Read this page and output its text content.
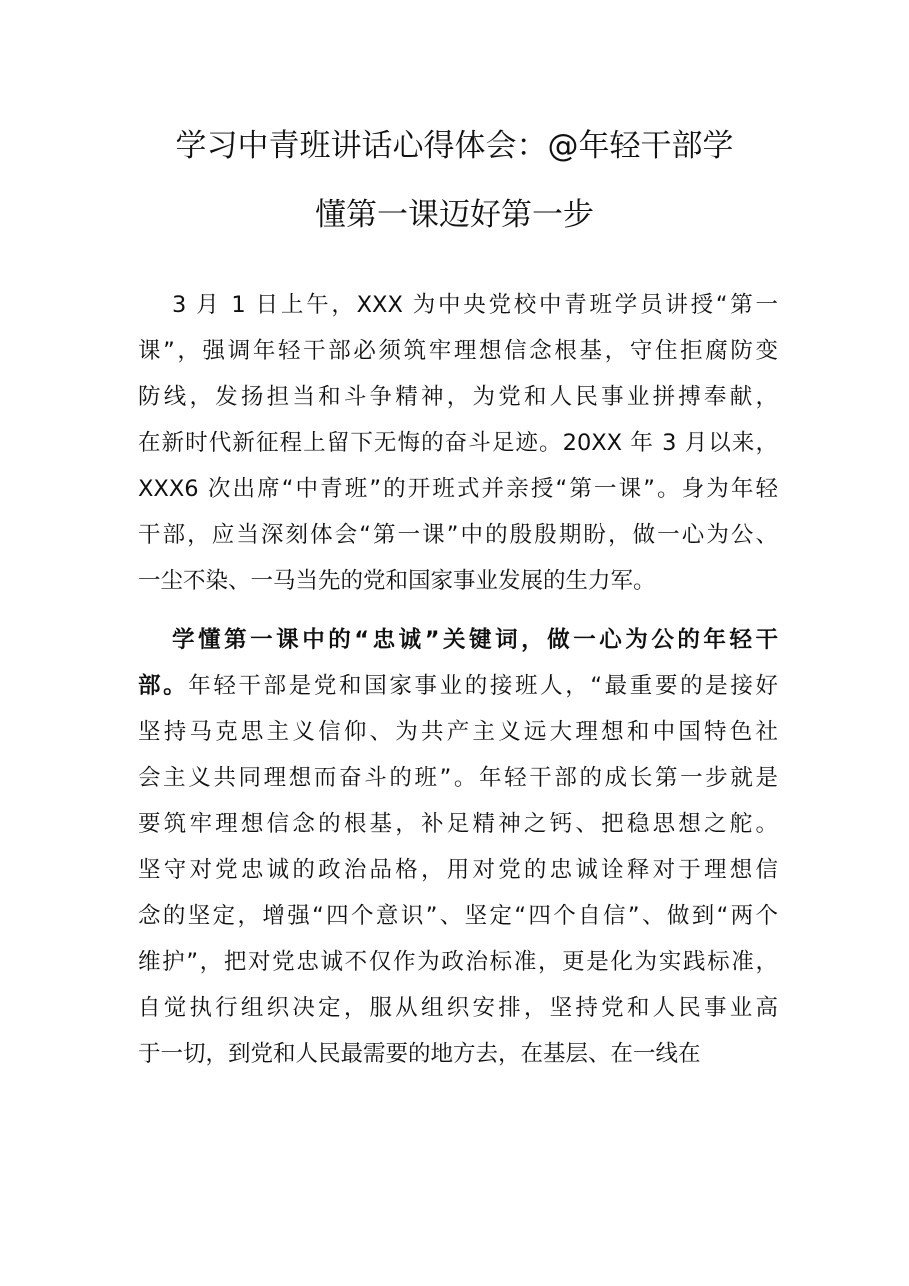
学习中青班讲话心得体会：@年轻干部学
懂第一课迈好第一步
3 月 1 日上午，XXX 为中央党校中青班学员讲授“第一
课”，强调年轻干部必须筑牢理想信念根基，守住拒腐防变
防线，发扬担当和斗争精神，为党和人民事业拼搏奉献，
在新时代新征程上留下无悔的奋斗足迹。20XX 年 3 月以来，
XXX6 次出席“中青班”的开班式并亲授“第一课”。身为年轻
干部，应当深刻体会“第一课”中的殷殷期盼，做一心为公、
一尘不染、一马当先的党和国家事业发展的生力军。
学懂第一课中的“忠诚”关键词，做一心为公的年轻干
部。年轻干部是党和国家事业的接班人，“最重要的是接好
坚持马克思主义信仰、为共产主义远大理想和中国特色社
会主义共同理想而奋斗的班”。年轻干部的成长第一步就是
要筑牢理想信念的根基，补足精神之钙、把稳思想之舵。
坚守对党忠诚的政治品格，用对党的忠诚诠释对于理想信
念的坚定，增强“四个意识”、坚定“四个自信”、做到“两个
维护”，把对党忠诚不仅作为政治标准，更是化为实践标准，
自觉执行组织决定，服从组织安排，坚持党和人民事业高
于一切，到党和人民最需要的地方去，在基层、在一线在
